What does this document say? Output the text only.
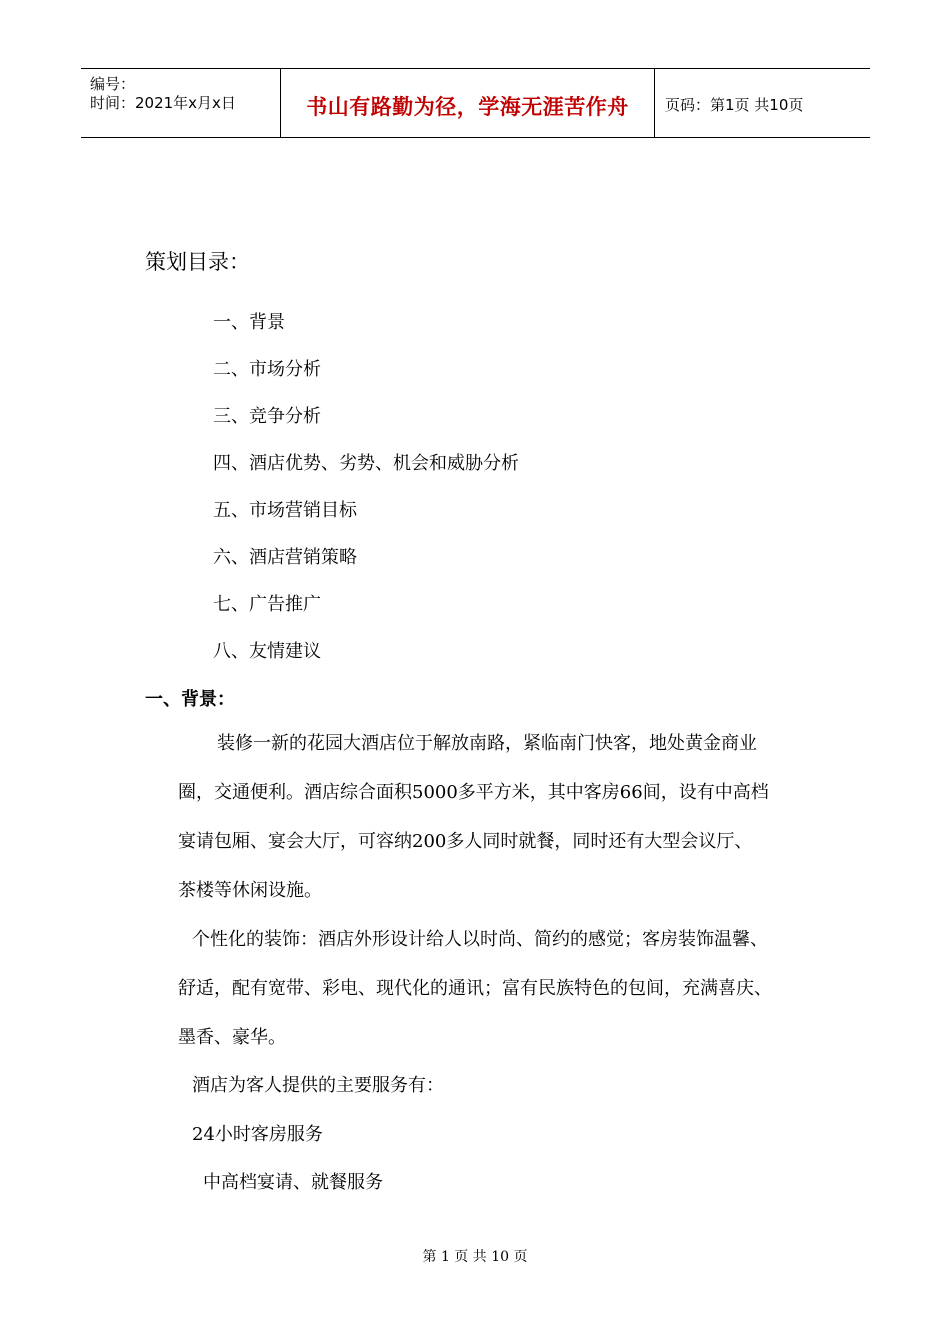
编号：
时间：2021年x月x日	书山有路勤为径，学海无涯苦作舟	页码：第1页 共10页
策划目录：
一、背景
二、市场分析
三、竞争分析
四、酒店优势、劣势、机会和威胁分析
五、市场营销目标
六、酒店营销策略
七、广告推广
八、友情建议
一、背景：
装修一新的花园大酒店位于解放南路，紧临南门快客，地处黄金商业
圈，交通便利。酒店综合面积5000多平方米，其中客房66间，设有中高档
宴请包厢、宴会大厅，可容纳200多人同时就餐，同时还有大型会议厅、
茶楼等休闲设施。
个性化的装饰：酒店外形设计给人以时尚、简约的感觉；客房装饰温馨、
舒适，配有宽带、彩电、现代化的通讯；富有民族特色的包间，充满喜庆、
墨香、豪华。
酒店为客人提供的主要服务有：
24小时客房服务
中高档宴请、就餐服务
第 1 页 共 10 页
